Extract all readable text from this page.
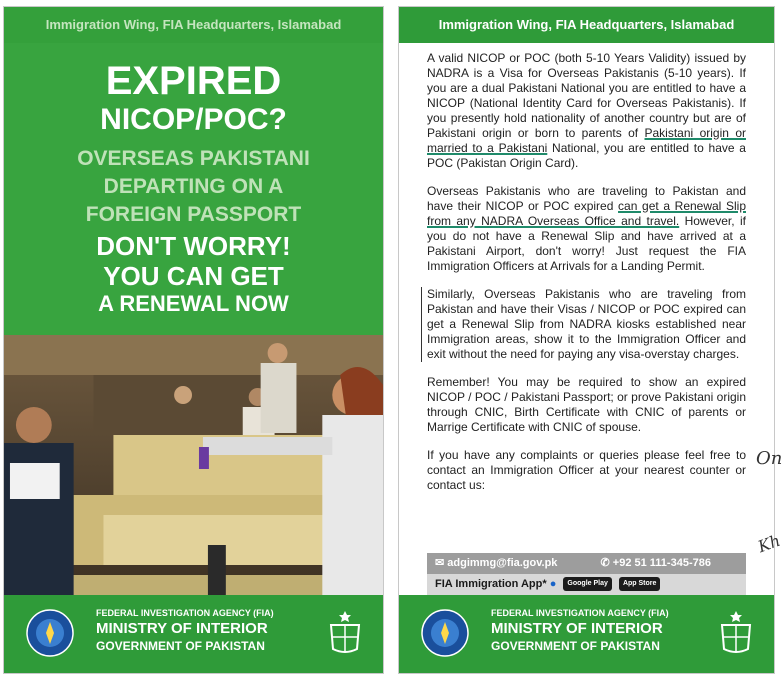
Immigration Wing, FIA Headquarters, Islamabad
EXPIRED
NICOP/POC?
OVERSEAS PAKISTANI
DEPARTING ON A
FOREIGN PASSPORT
DON'T WORRY!
YOU CAN GET
A RENEWAL NOW
FEDERAL INVESTIGATION AGENCY (FIA)
MINISTRY OF INTERIOR
GOVERNMENT OF PAKISTAN
Immigration Wing, FIA Headquarters, Islamabad

A valid NICOP or POC (both 5-10 Years Validity) issued by NADRA is a Visa for Overseas Pakistanis (5-10 years). If you are a dual Pakistani National you are entitled to have a NICOP (National Identity Card for Overseas Pakistanis). If you presently hold nationality of another country but are of Pakistani origin or born to parents of Pakistani origin or married to a Pakistani National, you are entitled to have a POC (Pakistan Origin Card).

Overseas Pakistanis who are traveling to Pakistan and have their NICOP or POC expired can get a Renewal Slip from any NADRA Overseas Office and travel. However, if you do not have a Renewal Slip and have arrived at a Pakistani Airport, don't worry! Just request the FIA Immigration Officers at Arrivals for a Landing Permit.

Similarly, Overseas Pakistanis who are traveling from Pakistan and have their Visas / NICOP or POC expired can get a Renewal Slip from NADRA kiosks established near Immigration areas, show it to the Immigration Officer and exit without the need for paying any visa-overstay charges.

Remember! You may be required to show an expired NICOP / POC / Pakistani Passport; or prove Pakistani origin through CNIC, Birth Certificate with CNIC of parents or Marrige Certificate with CNIC of spouse.

If you have any complaints or queries please feel free to contact an Immigration Officer at your nearest counter or contact us:

✉ adgimmg@fia.gov.pk	✆ +92 51 111-345-786
FIA Immigration App* ● Google Play App Store
FEDERAL INVESTIGATION AGENCY (FIA)
MINISTRY OF INTERIOR
GOVERNMENT OF PAKISTAN
On
Kh
